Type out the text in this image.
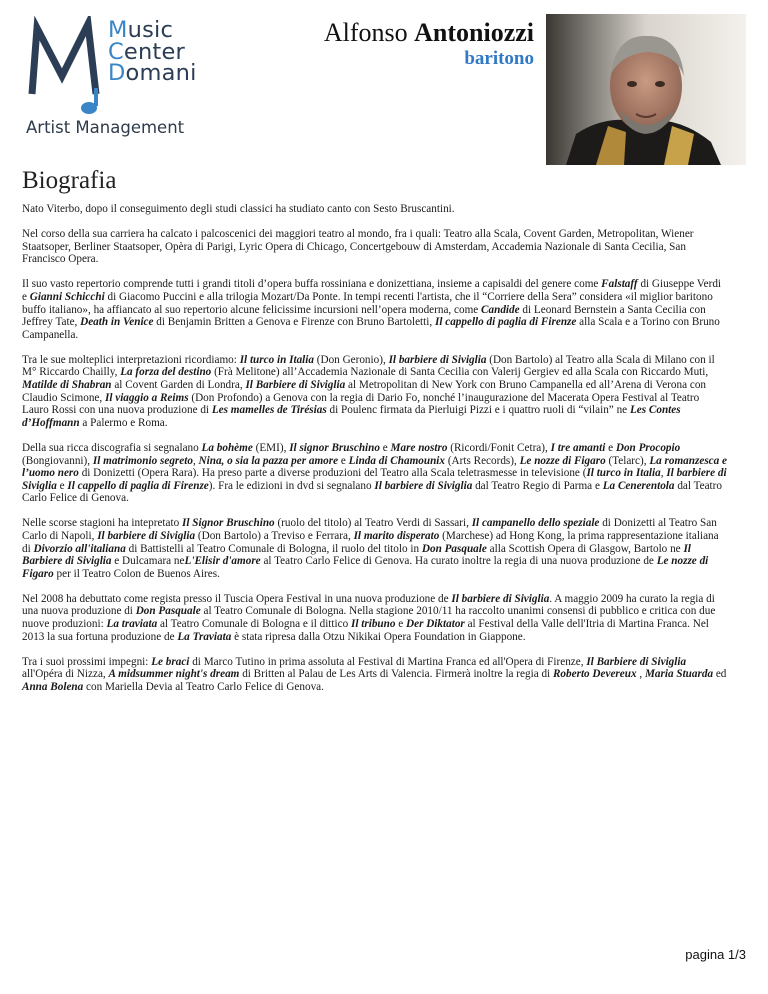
Music
Center
Domani
Artist Management
Alfonso Antoniozzi
baritono
Biografia

Nato Viterbo, dopo il conseguimento degli studi classici ha studiato canto con Sesto Bruscantini.

Nel corso della sua carriera ha calcato i palcoscenici dei maggiori teatro al mondo, fra i quali: Teatro alla Scala, Covent Garden, Metropolitan, Wiener Staatsoper, Berliner Staatsoper, Opèra di Parigi, Lyric Opera di Chicago, Concertgebouw di Amsterdam, Accademia Nazionale di Santa Cecilia, San Francisco Opera.

Il suo vasto repertorio comprende tutti i grandi titoli d’opera buffa rossiniana e donizettiana, insieme a capisaldi del genere come Falstaff di Giuseppe Verdi e Gianni Schicchi di Giacomo Puccini e alla trilogia Mozart/Da Ponte. In tempi recenti l'artista, che il “Corriere della Sera” considera «il miglior baritono buffo italiano», ha affiancato al suo repertorio alcune felicissime incursioni nell’opera moderna, come Candide di Leonard Bernstein a Santa Cecilia con Jeffrey Tate, Death in Venice di Benjamin Britten a Genova e Firenze con Bruno Bartoletti, Il cappello di paglia di Firenze alla Scala e a Torino con Bruno Campanella.

Tra le sue molteplici interpretazioni ricordiamo: Il turco in Italia (Don Geronio), Il barbiere di Siviglia (Don Bartolo) al Teatro alla Scala di Milano con il M° Riccardo Chailly, La forza del destino (Frà Melitone) all’Accademia Nazionale di Santa Cecilia con Valerij Gergiev ed alla Scala con Riccardo Muti, Matilde di Shabran al Covent Garden di Londra, Il Barbiere di Siviglia al Metropolitan di New York con Bruno Campanella ed all’Arena di Verona con Claudio Scimone, Il viaggio a Reims (Don Profondo) a Genova con la regia di Dario Fo, nonché l’inaugurazione del Macerata Opera Festival al Teatro Lauro Rossi con una nuova produzione di Les mamelles de Tirésias di Poulenc firmata da Pierluigi Pizzi e i quattro ruoli di “vilain” ne Les Contes d’Hoffmann a Palermo e Roma.

Della sua ricca discografia si segnalano La bohème (EMI), Il signor Bruschino e Mare nostro (Ricordi/Fonit Cetra), I tre amanti e Don Procopio (Bongiovanni), Il matrimonio segreto, Nina, o sia la pazza per amore e Linda di Chamounix (Arts Records), Le nozze di Figaro (Telarc), La romanzesca e l’uomo nero di Donizetti (Opera Rara). Ha preso parte a diverse produzioni del Teatro alla Scala teletrasmesse in televisione (Il turco in Italia, Il barbiere di Siviglia e Il cappello di paglia di Firenze). Fra le edizioni in dvd si segnalano Il barbiere di Siviglia dal Teatro Regio di Parma e La Cenerentola dal Teatro Carlo Felice di Genova.

Nelle scorse stagioni ha intepretato Il Signor Bruschino (ruolo del titolo) al Teatro Verdi di Sassari, Il campanello dello speziale di Donizetti al Teatro San Carlo di Napoli, Il barbiere di Siviglia (Don Bartolo) a Treviso e Ferrara, Il marito disperato (Marchese) ad Hong Kong, la prima rappresentazione italiana di Divorzio all'italiana di Battistelli al Teatro Comunale di Bologna, il ruolo del titolo in Don Pasquale alla Scottish Opera di Glasgow, Bartolo ne Il Barbiere di Siviglia e Dulcamara neL'Elisir d'amore al Teatro Carlo Felice di Genova. Ha curato inoltre la regia di una nuova produzione de Le nozze di Figaro per il Teatro Colon de Buenos Aires.

Nel 2008 ha debuttato come regista presso il Tuscia Opera Festival in una nuova produzione de Il barbiere di Siviglia. A maggio 2009 ha curato la regia di una nuova produzione di Don Pasquale al Teatro Comunale di Bologna. Nella stagione 2010/11 ha raccolto unanimi consensi di pubblico e critica con due nuove produzioni: La traviata al Teatro Comunale di Bologna e il dittico Il tribuno e Der Diktator al Festival della Valle dell'Itria di Martina Franca. Nel 2013 la sua fortuna produzione de La Traviata è stata ripresa dalla Otzu Nikikai Opera Foundation in Giappone.

Tra i suoi prossimi impegni: Le braci di Marco Tutino in prima assoluta al Festival di Martina Franca ed all'Opera di Firenze, Il Barbiere di Siviglia all'Opéra di Nizza, A midsummer night's dream di Britten al Palau de Les Arts di Valencia. Firmerà inoltre la regia di Roberto Devereux , Maria Stuarda ed Anna Bolena con Mariella Devia al Teatro Carlo Felice di Genova.

pagina 1/3
